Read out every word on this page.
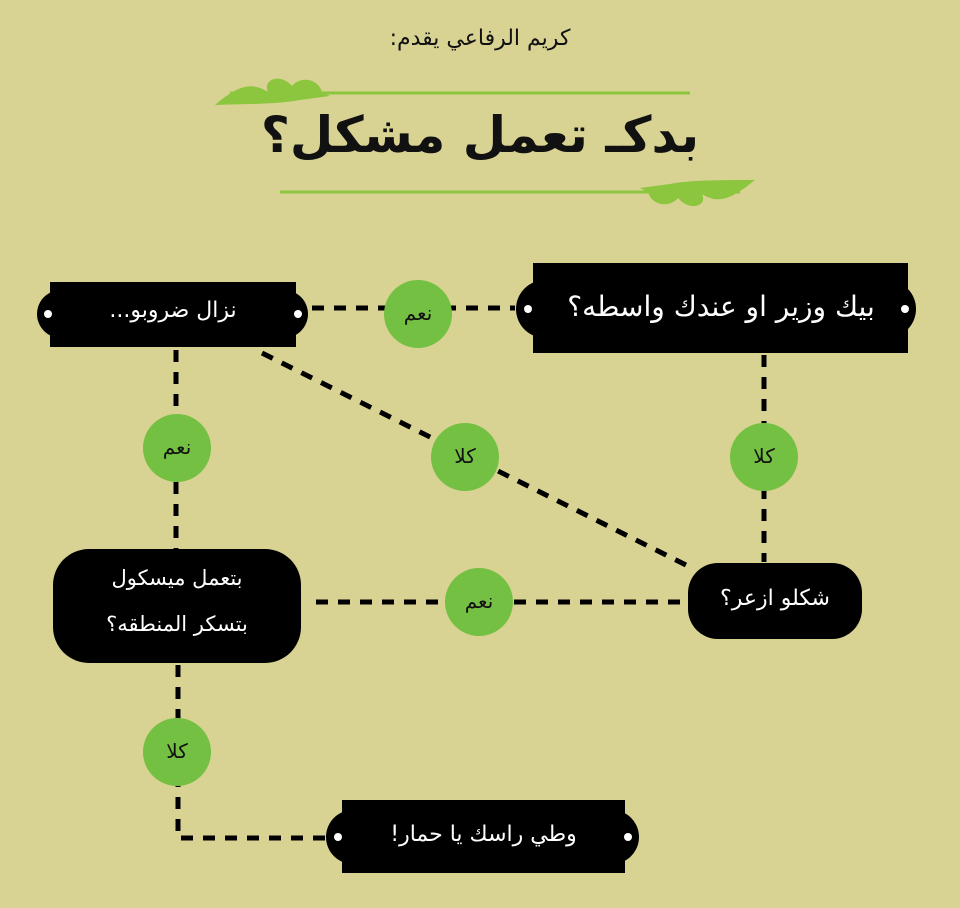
كريم الرفاعي يقدم:
بدكـ تعمل مشكل؟
بيك وزير او عندك واسطه؟
نزال ضروبو...
شكلو ازعر؟
بتعمل ميسكول
بتسكر المنطقه؟
وطي راسك يا حمار!
نعم
نعم	كلا	كلا
نعم
كلا
